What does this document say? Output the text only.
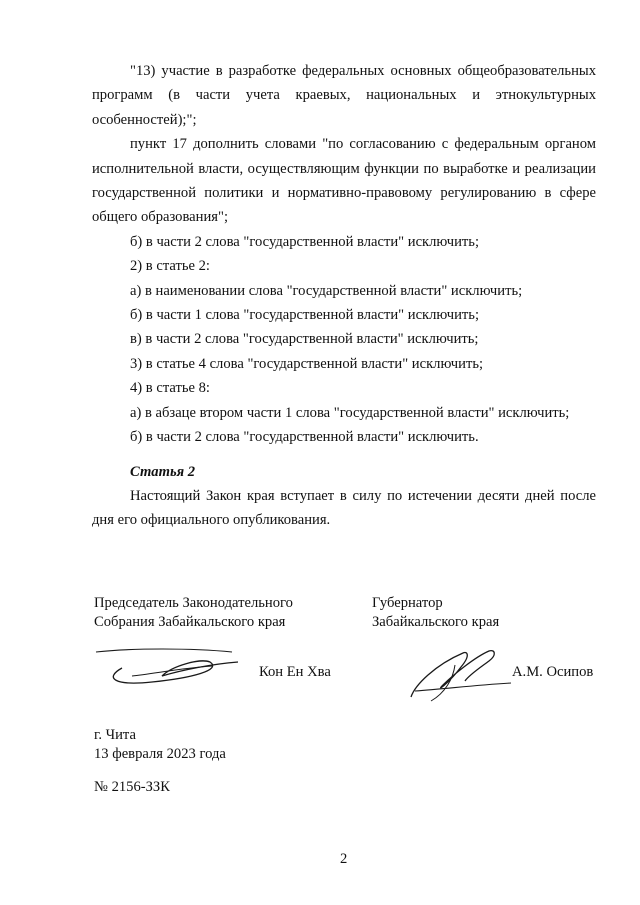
"13) участие в разработке федеральных основных общеобразовательных программ (в части учета краевых, национальных и этнокультурных особенностей);";

пункт 17 дополнить словами "по согласованию с федеральным органом исполнительной власти, осуществляющим функции по выработке и реализации государственной политики и нормативно-правовому регулированию в сфере общего образования";

б) в части 2 слова "государственной власти" исключить;

2) в статье 2:

а) в наименовании слова "государственной власти" исключить;

б) в части 1 слова "государственной власти" исключить;

в) в части 2 слова "государственной власти" исключить;

3) в статье 4 слова "государственной власти" исключить;

4) в статье 8:

а) в абзаце втором части 1 слова "государственной власти" исключить;

б) в части 2 слова "государственной власти" исключить.

Статья 2

Настоящий Закон края вступает в силу по истечении десяти дней после дня его официального опубликования.

Председатель Законодательного
Собрания Забайкальского края
Губернатор
Забайкальского края
Кон Ен Хва	А.М. Осипов
г. Чита
13 февраля 2023 года
№ 2156-ЗЗК
2
